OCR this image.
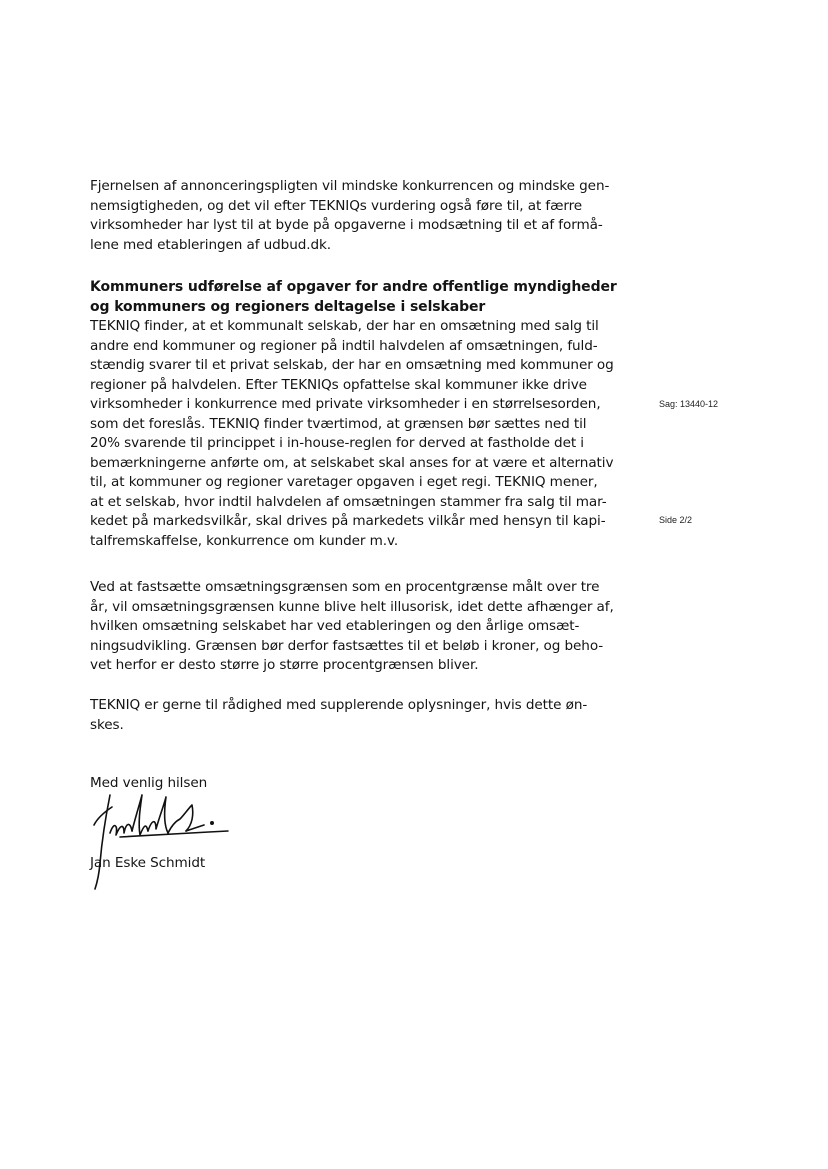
Fjernelsen af annonceringspligten vil mindske konkurrencen og mindske gen-
nemsigtigheden, og det vil efter TEKNIQs vurdering også føre til, at færre
virksomheder har lyst til at byde på opgaverne i modsætning til et af formå-
lene med etableringen af udbud.dk.
Kommuners udførelse af opgaver for andre offentlige myndigheder
og kommuners og regioners deltagelse i selskaber
TEKNIQ finder, at et kommunalt selskab, der har en omsætning med salg til
andre end kommuner og regioner på indtil halvdelen af omsætningen, fuld-
stændig svarer til et privat selskab, der har en omsætning med kommuner og
regioner på halvdelen. Efter TEKNIQs opfattelse skal kommuner ikke drive
virksomheder i konkurrence med private virksomheder i en størrelsesorden,
som det foreslås. TEKNIQ finder tværtimod, at grænsen bør sættes ned til
20% svarende til princippet i in-house-reglen for derved at fastholde det i
bemærkningerne anførte om, at selskabet skal anses for at være et alternativ
til, at kommuner og regioner varetager opgaven i eget regi. TEKNIQ mener,
at et selskab, hvor indtil halvdelen af omsætningen stammer fra salg til mar-
kedet på markedsvilkår, skal drives på markedets vilkår med hensyn til kapi-
talfremskaffelse, konkurrence om kunder m.v.
Ved at fastsætte omsætningsgrænsen som en procentgrænse målt over tre
år, vil omsætningsgrænsen kunne blive helt illusorisk, idet dette afhænger af,
hvilken omsætning selskabet har ved etableringen og den årlige omsæt-
ningsudvikling. Grænsen bør derfor fastsættes til et beløb i kroner, og beho-
vet herfor er desto større jo større procentgrænsen bliver.
TEKNIQ er gerne til rådighed med supplerende oplysninger, hvis dette øn-
skes.
Med venlig hilsen
Jan Eske Schmidt
Sag: 13440-12
Side 2/2
